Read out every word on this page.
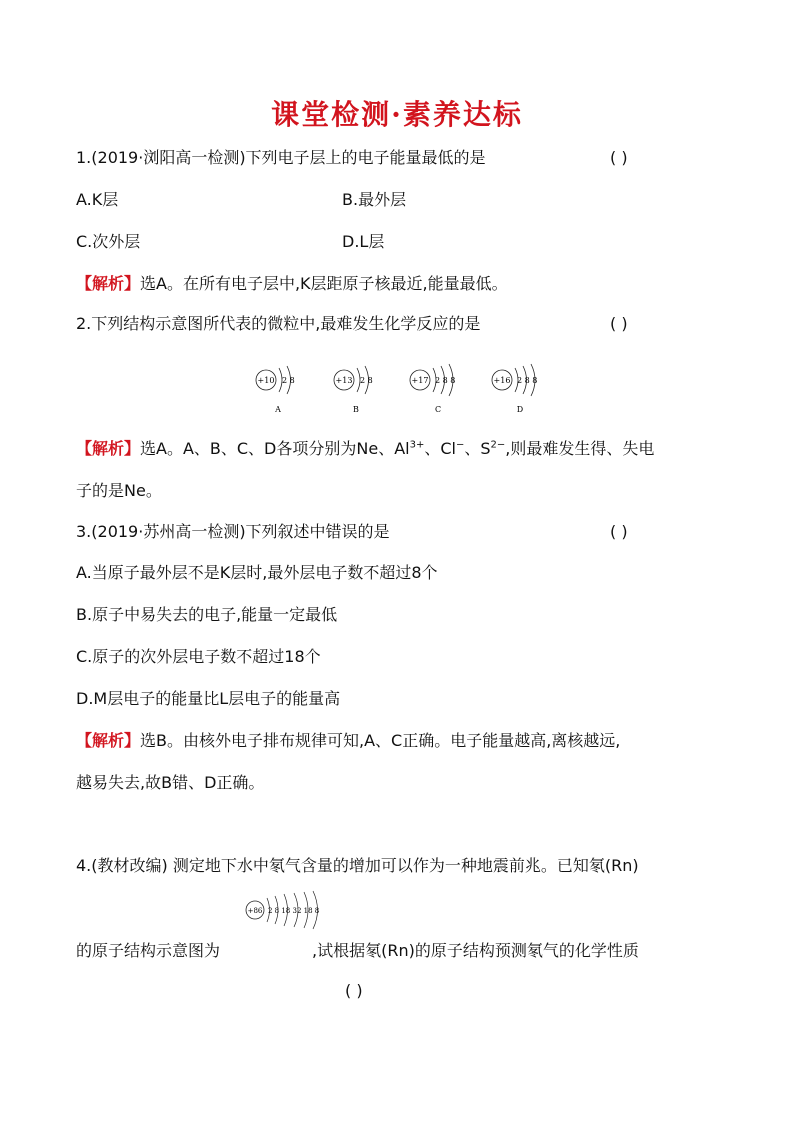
课堂检测·素养达标
1.(2019·浏阳高一检测)下列电子层上的电子能量最低的是	( )
A.K层	B.最外层
C.次外层	D.L层
【解析】选A。在所有电子层中,K层距原子核最近,能量最低。
2.下列结构示意图所代表的微粒中,最难发生化学反应的是	( )
+10 2 8
A
+13 2 8
B
+17 2 8 8
C
+16 2 8 8
D
【解析】选A。A、B、C、D各项分别为Ne、$Al^{3+}$、Cl−、$S^{2-}$,则最难发生得、失电
子的是Ne。
3.(2019·苏州高一检测)下列叙述中错误的是	( )
A.当原子最外层不是K层时,最外层电子数不超过8个
B.原子中易失去的电子,能量一定最低
C.原子的次外层电子数不超过18个
D.M层电子的能量比L层电子的能量高
【解析】选B。由核外电子排布规律可知,A、C正确。电子能量越高,离核越远,
越易失去,故B错、D正确。
4.(教材改编) 测定地下水中氡气含量的增加可以作为一种地震前兆。已知氡(Rn)
+86 2 8 18 32 18 8
的原子结构示意图为	,试根据氡(Rn)的原子结构预测氡气的化学性质
( )
